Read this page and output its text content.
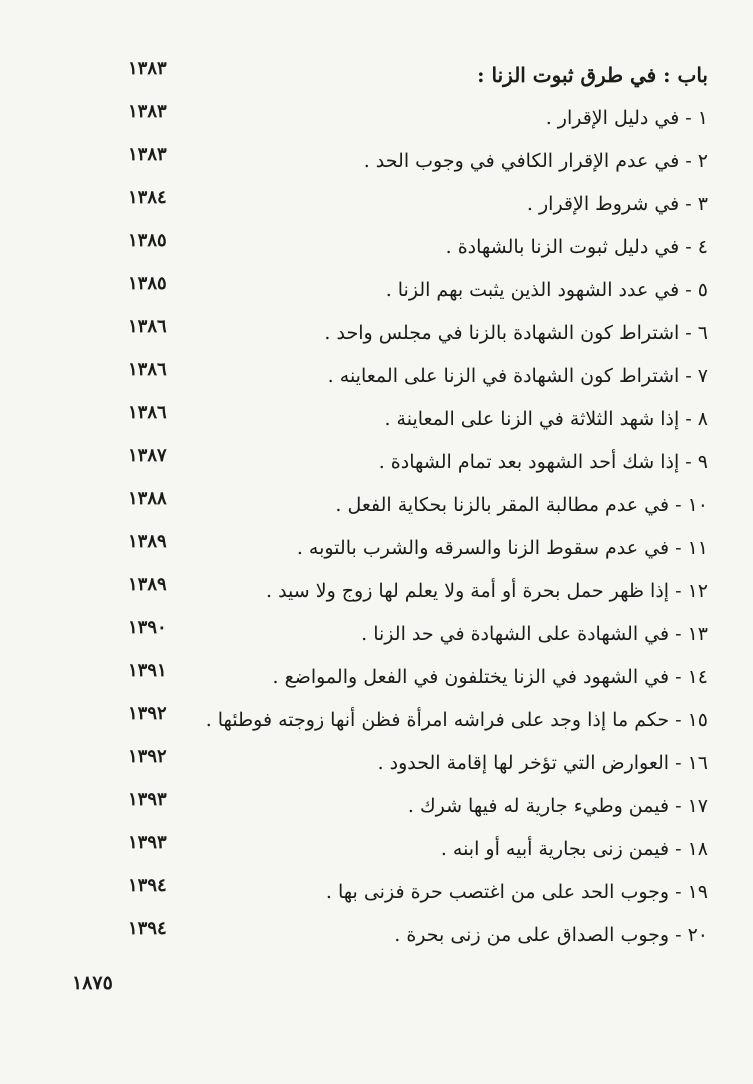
باب : في طرق ثبوت الزنا :
١٣٨٣
١ - في دليل الإقرار .
١٣٨٣
٢ - في عدم الإقرار الكافي في وجوب الحد .
١٣٨٣
٣ - في شروط الإقرار .
١٣٨٤
٤ - في دليل ثبوت الزنا بالشهادة .
١٣٨٥
٥ - في عدد الشهود الذين يثبت بهم الزنا .
١٣٨٥
٦ - اشتراط كون الشهادة بالزنا في مجلس واحد .
١٣٨٦
٧ - اشتراط كون الشهادة في الزنا على المعاينه .
١٣٨٦
٨ - إذا شهد الثلاثة في الزنا على المعاينة .
١٣٨٦
٩ - إذا شك أحد الشهود بعد تمام الشهادة .
١٣٨٧
١٠ - في عدم مطالبة المقر بالزنا بحكاية الفعل .
١٣٨٨
١١ - في عدم سقوط الزنا والسرقه والشرب بالتوبه .
١٣٨٩
١٢ - إذا ظهر حمل بحرة أو أمة ولا يعلم لها زوج ولا سيد .
١٣٨٩
١٣ - في الشهادة على الشهادة في حد الزنا .
١٣٩٠
١٤ - في الشهود في الزنا يختلفون في الفعل والمواضع .
١٣٩١
١٥ - حكم ما إذا وجد على فراشه امرأة فظن أنها زوجته فوطئها .
١٣٩٢
١٦ - العوارض التي تؤخر لها إقامة الحدود .
١٣٩٢
١٧ - فيمن وطيء جارية له فيها شرك .
١٣٩٣
١٨ - فيمن زنى بجارية أبيه أو ابنه .
١٣٩٣
١٩ - وجوب الحد على من اغتصب حرة فزنى بها .
١٣٩٤
٢٠ - وجوب الصداق على من زنى بحرة .
١٣٩٤
١٨٧٥
